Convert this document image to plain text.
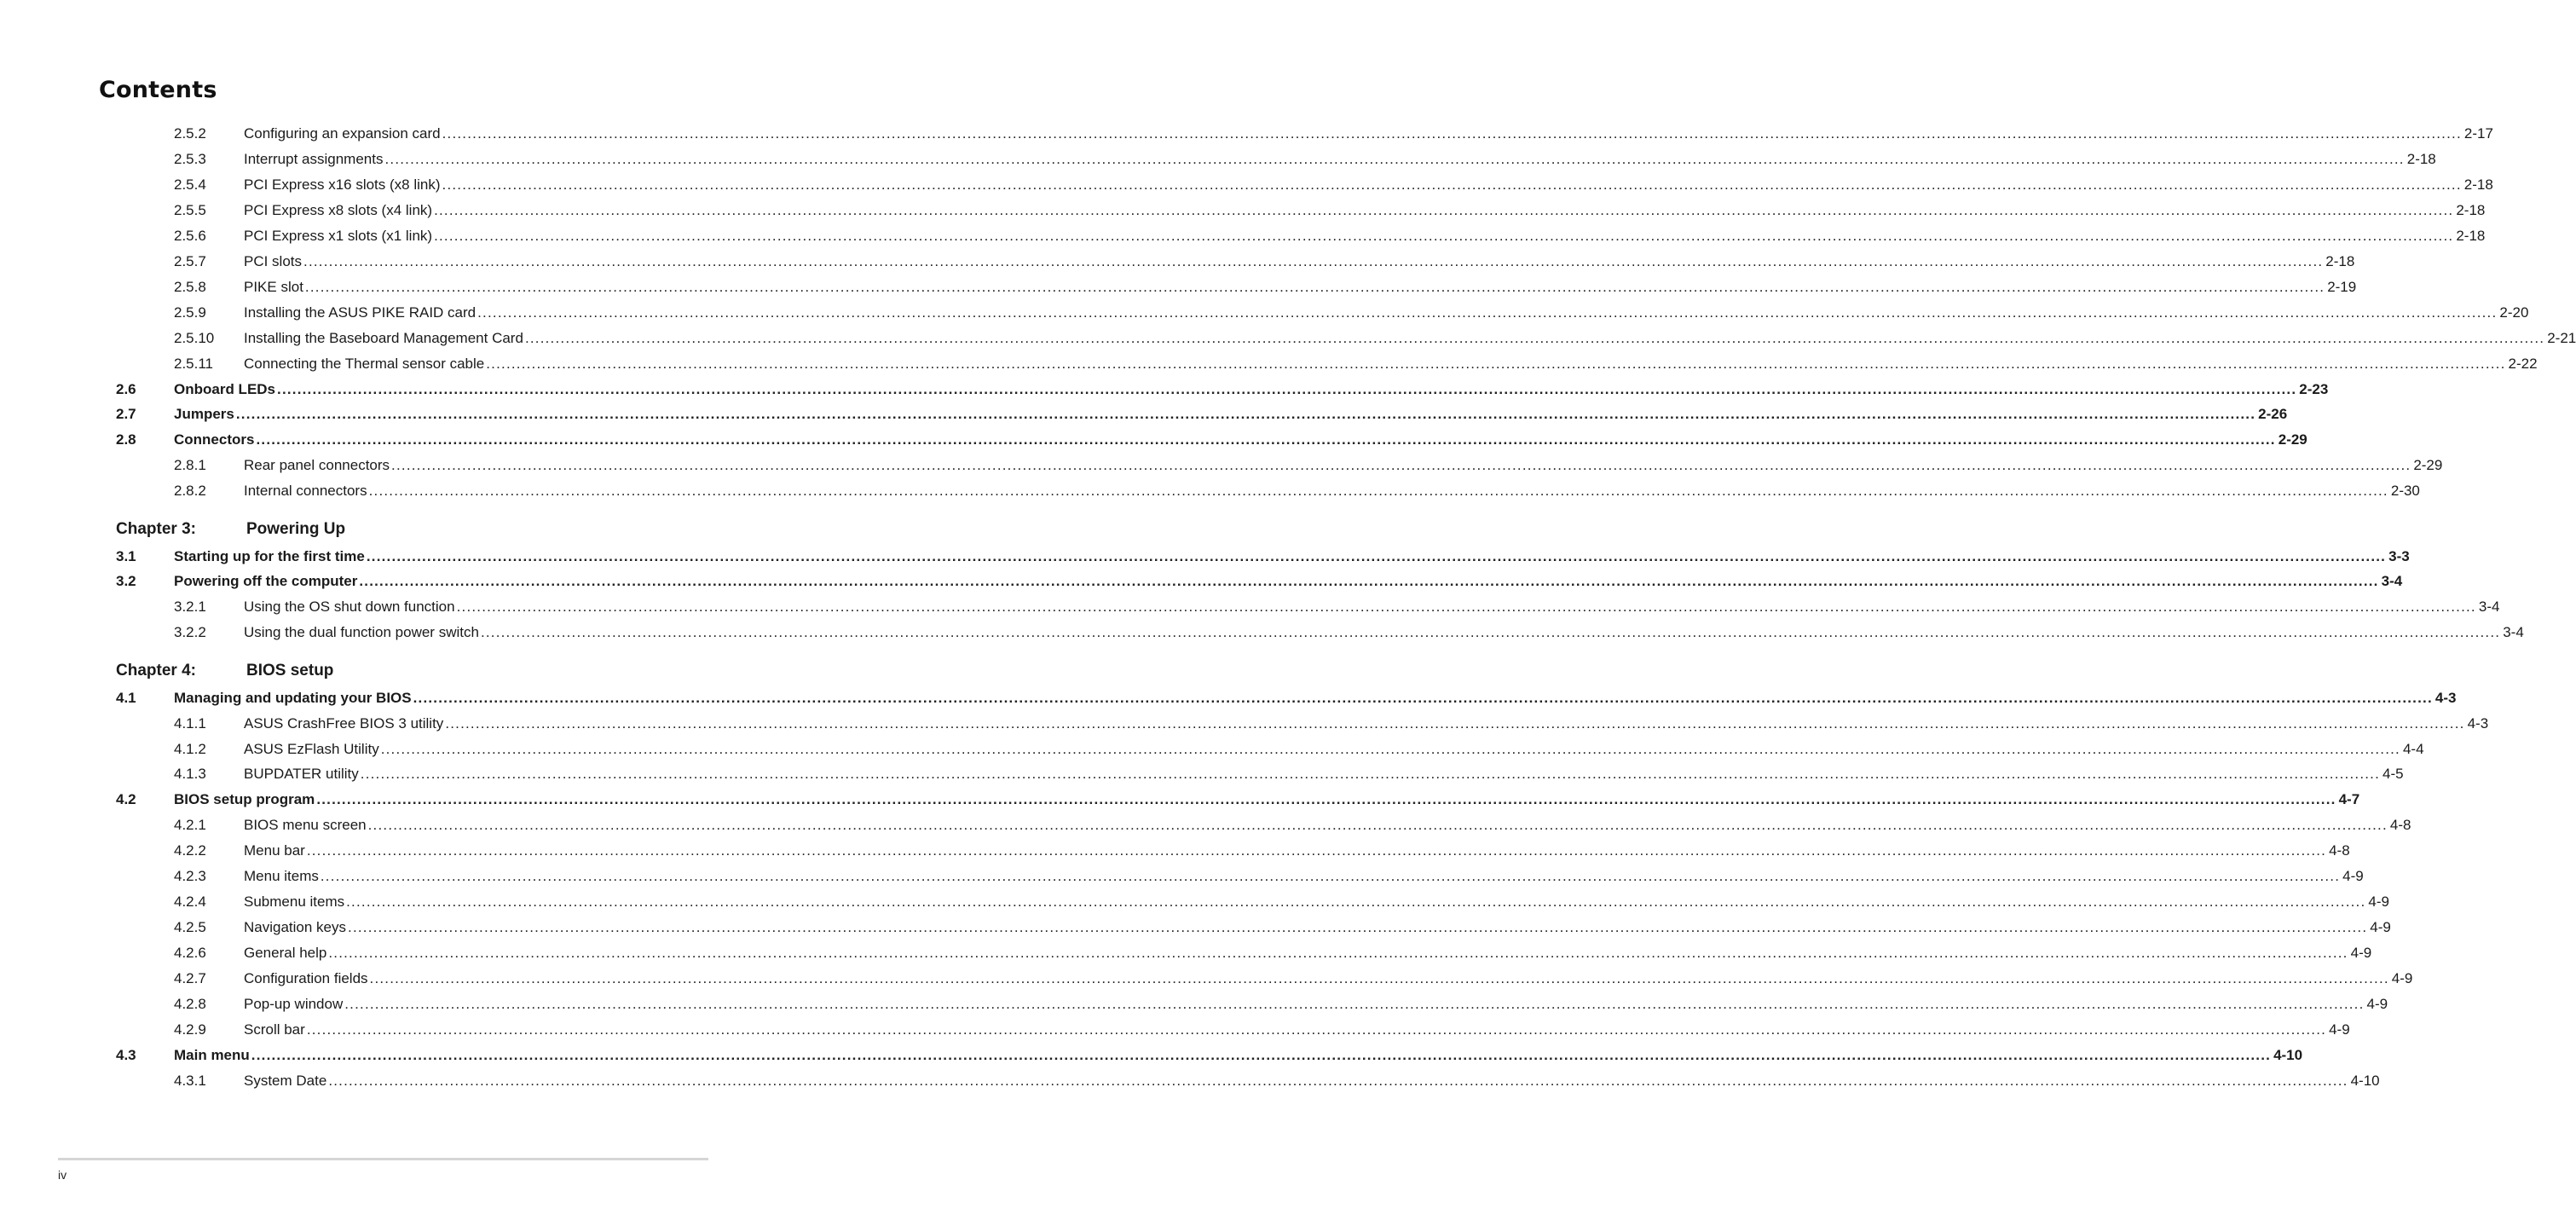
Contents
2.5.2	Configuring an expansion card ................................................................................................................................................................................................................................................................................................................................................................................................................ 2-17
2.5.3	Interrupt assignments ................................................................................................................................................................................................................................................................................................................................................................................................................ 2-18
2.5.4	PCI Express x16 slots (x8 link) ................................................................................................................................................................................................................................................................................................................................................................................................................ 2-18
2.5.5	PCI Express x8 slots (x4 link) ................................................................................................................................................................................................................................................................................................................................................................................................................ 2-18
2.5.6	PCI Express x1 slots (x1 link) ................................................................................................................................................................................................................................................................................................................................................................................................................ 2-18
2.5.7	PCI slots ................................................................................................................................................................................................................................................................................................................................................................................................................ 2-18
2.5.8	PIKE slot ................................................................................................................................................................................................................................................................................................................................................................................................................ 2-19
2.5.9	Installing the ASUS PIKE RAID card ................................................................................................................................................................................................................................................................................................................................................................................................................ 2-20
2.5.10 Installing the Baseboard Management Card ................................................................................................................................................................................................................................................................................................................................................................................................................ 2-21
2.5.11 Connecting the Thermal sensor cable ................................................................................................................................................................................................................................................................................................................................................................................................................ 2-22
2.6	Onboard LEDs ................................................................................................................................................................................................................................................................................................................................................................................................................ 2-23
2.7	Jumpers ................................................................................................................................................................................................................................................................................................................................................................................................................ 2-26
2.8	Connectors ................................................................................................................................................................................................................................................................................................................................................................................................................ 2-29
2.8.1	Rear panel connectors ................................................................................................................................................................................................................................................................................................................................................................................................................ 2-29
2.8.2	Internal connectors ................................................................................................................................................................................................................................................................................................................................................................................................................ 2-30
Chapter 3:	Powering Up
3.1	Starting up for the first time ................................................................................................................................................................................................................................................................................................................................................................................................................ 3-3
3.2	Powering off the computer ................................................................................................................................................................................................................................................................................................................................................................................................................ 3-4
3.2.1	Using the OS shut down function ................................................................................................................................................................................................................................................................................................................................................................................................................ 3-4
3.2.2	Using the dual function power switch ................................................................................................................................................................................................................................................................................................................................................................................................................ 3-4
Chapter 4:	BIOS setup
4.1	Managing and updating your BIOS ................................................................................................................................................................................................................................................................................................................................................................................................................ 4-3
4.1.1	ASUS CrashFree BIOS 3 utility ................................................................................................................................................................................................................................................................................................................................................................................................................ 4-3
4.1.2	ASUS EzFlash Utility ................................................................................................................................................................................................................................................................................................................................................................................................................ 4-4
4.1.3	BUPDATER utility ................................................................................................................................................................................................................................................................................................................................................................................................................ 4-5
4.2	BIOS setup program ................................................................................................................................................................................................................................................................................................................................................................................................................ 4-7
4.2.1	BIOS menu screen ................................................................................................................................................................................................................................................................................................................................................................................................................ 4-8
4.2.2	Menu bar ................................................................................................................................................................................................................................................................................................................................................................................................................ 4-8
4.2.3	Menu items ................................................................................................................................................................................................................................................................................................................................................................................................................ 4-9
4.2.4	Submenu items ................................................................................................................................................................................................................................................................................................................................................................................................................ 4-9
4.2.5	Navigation keys ................................................................................................................................................................................................................................................................................................................................................................................................................ 4-9
4.2.6	General help ................................................................................................................................................................................................................................................................................................................................................................................................................ 4-9
4.2.7	Configuration fields ................................................................................................................................................................................................................................................................................................................................................................................................................ 4-9
4.2.8	Pop-up window ................................................................................................................................................................................................................................................................................................................................................................................................................ 4-9
4.2.9	Scroll bar ................................................................................................................................................................................................................................................................................................................................................................................................................ 4-9
4.3	Main menu ................................................................................................................................................................................................................................................................................................................................................................................................................ 4-10
4.3.1	System Date ................................................................................................................................................................................................................................................................................................................................................................................................................ 4-10
iv
